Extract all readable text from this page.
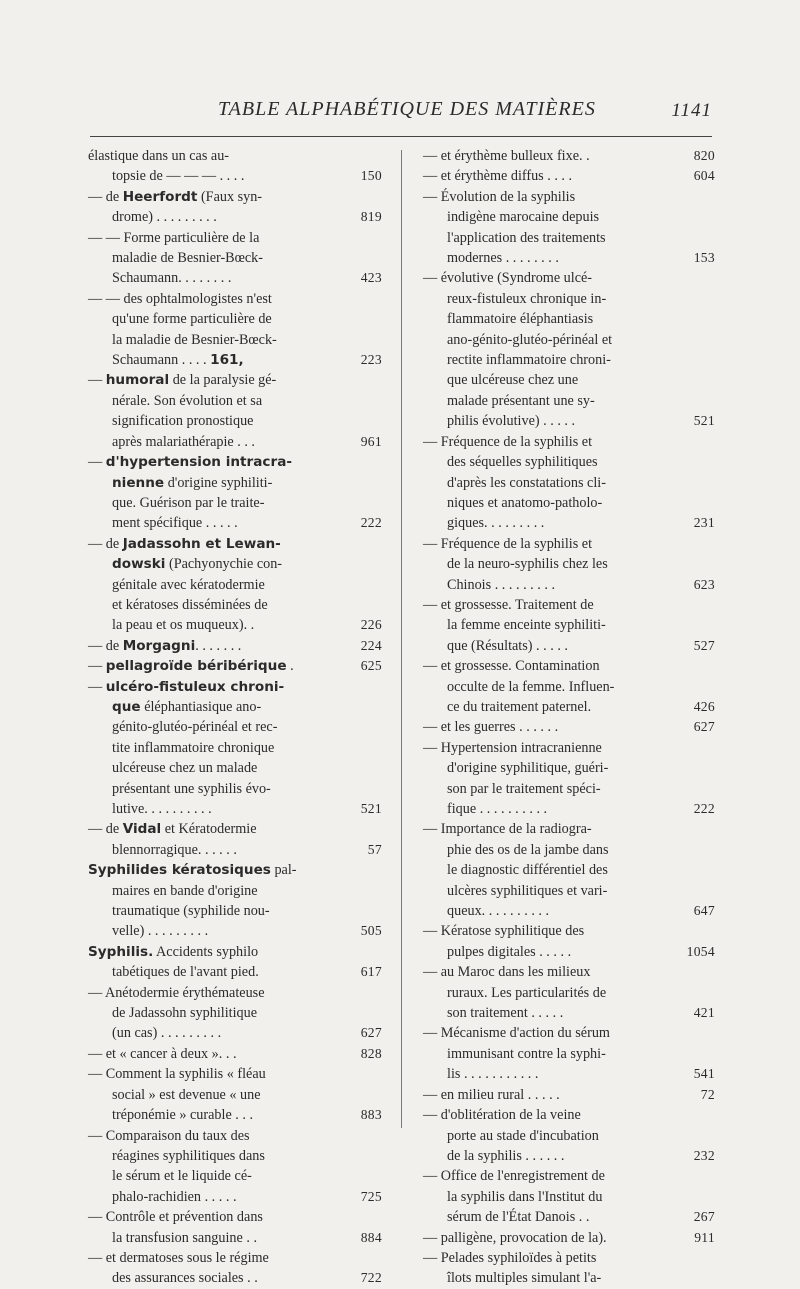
TABLE ALPHABÉTIQUE DES MATIÈRES	1141
élastique dans un cas au-
topsie de — — — . . . .	150
— de Heerfordt (Faux syn-
drome) . . . . . . . . .	819
— — Forme particulière de la
maladie de Besnier-Bœck-
Schaumann. . . . . . . .	423
— — des ophtalmologistes n'est
qu'une forme particulière de
la maladie de Besnier-Bœck-
Schaumann . . . . 161,	223
— humoral de la paralysie gé-
nérale. Son évolution et sa
signification pronostique
après malariathérapie . . .	961
— d'hypertension intracra-
nienne d'origine syphiliti-
que. Guérison par le traite-
ment spécifique . . . . .	222
— de Jadassohn et Lewan-
dowski (Pachyonychie con-
génitale avec kératodermie
et kératoses disséminées de
la peau et os muqueux). .	226
— de Morgagni. . . . . . .	224
— pellagroïde béribérique .	625
— ulcéro-fistuleux chroni-
que éléphantiasique ano-
génito-glutéo-périnéal et rec-
tite inflammatoire chronique
ulcéreuse chez un malade
présentant une syphilis évo-
lutive. . . . . . . . . .	521
— de Vidal et Kératodermie
blennorragique. . . . . .	57
Syphilides kératosiques pal-
maires en bande d'origine
traumatique (syphilide nou-
velle) . . . . . . . . .	505
Syphilis. Accidents syphilo
tabétiques de l'avant pied.	617
— Anétodermie érythémateuse
de Jadassohn syphilitique
(un cas) . . . . . . . . .	627
— et « cancer à deux ». . .	828
— Comment la syphilis « fléau
social » est devenue « une
tréponémie » curable . . .	883
— Comparaison du taux des
réagines syphilitiques dans
le sérum et le liquide cé-
phalo-rachidien . . . . .	725
— Contrôle et prévention dans
la transfusion sanguine . .	884
— et dermatoses sous le régime
des assurances sociales . .	722
— et érythème bulleux fixe. .	820
— et érythème diffus . . . .	604
— Évolution de la syphilis
indigène marocaine depuis
l'application des traitements
modernes . . . . . . . .	153
— évolutive (Syndrome ulcé-
reux-fistuleux chronique in-
flammatoire éléphantiasis
ano-génito-glutéo-périnéal et
rectite inflammatoire chroni-
que ulcéreuse chez une
malade présentant une sy-
philis évolutive) . . . . .	521
— Fréquence de la syphilis et
des séquelles syphilitiques
d'après les constatations cli-
niques et anatomo-patholo-
giques. . . . . . . . .	231
— Fréquence de la syphilis et
de la neuro-syphilis chez les
Chinois . . . . . . . . .	623
— et grossesse. Traitement de
la femme enceinte syphiliti-
que (Résultats) . . . . .	527
— et grossesse. Contamination
occulte de la femme. Influen-
ce du traitement paternel.	426
— et les guerres . . . . . .	627
— Hypertension intracranienne
d'origine syphilitique, guéri-
son par le traitement spéci-
fique . . . . . . . . . .	222
— Importance de la radiogra-
phie des os de la jambe dans
le diagnostic différentiel des
ulcères syphilitiques et vari-
queux. . . . . . . . . .	647
— Kératose syphilitique des
pulpes digitales . . . . .	1054
— au Maroc dans les milieux
ruraux. Les particularités de
son traitement . . . . .	421
— Mécanisme d'action du sérum
immunisant contre la syphi-
lis . . . . . . . . . . .	541
— en milieu rural . . . . .	72
— d'oblitération de la veine
porte au stade d'incubation
de la syphilis . . . . . .	232
— Office de l'enregistrement de
la syphilis dans l'Institut du
sérum de l'État Danois . .	267
— palligène, provocation de la).	911
— Pelades syphiloïdes à petits
îlots multiples simulant l'a-
